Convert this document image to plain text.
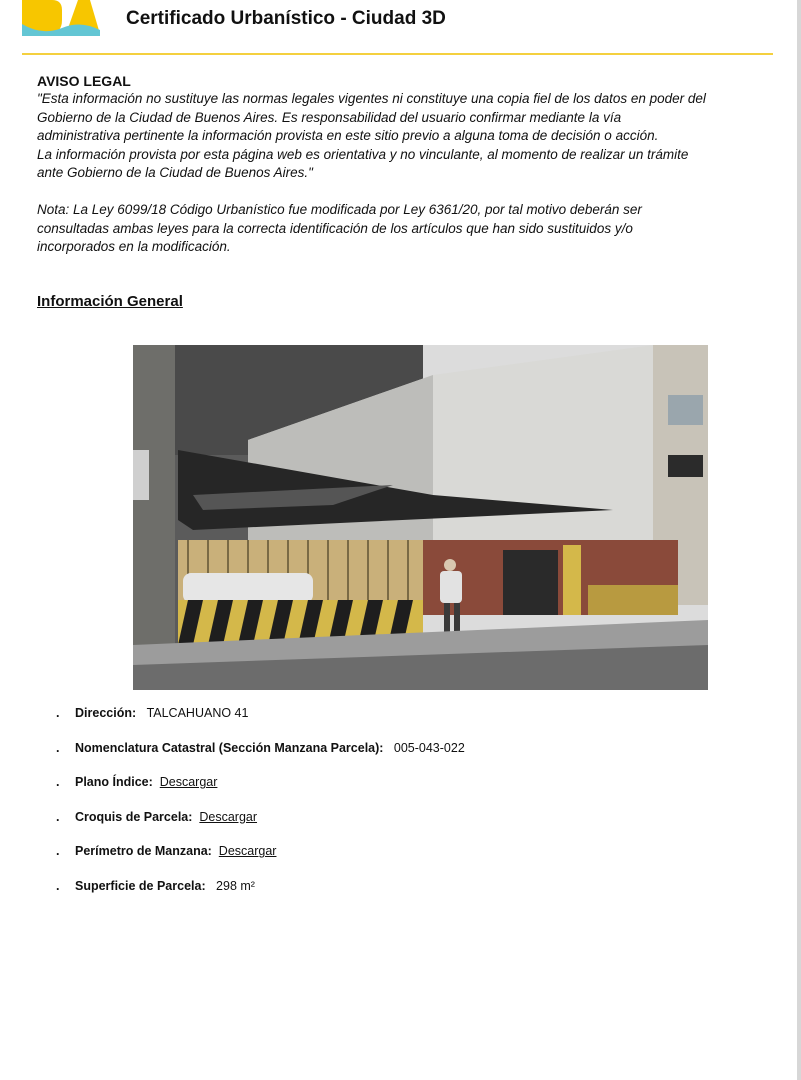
Certificado Urbanístico - Ciudad 3D
AVISO LEGAL
"Esta información no sustituye las normas legales vigentes ni constituye una copia fiel de los datos en poder del
Gobierno de la Ciudad de Buenos Aires. Es responsabilidad del usuario confirmar mediante la vía
administrativa pertinente la información provista en este sitio previo a alguna toma de decisión o acción.
La información provista por esta página web es orientativa y no vinculante, al momento de realizar un trámite
ante Gobierno de la Ciudad de Buenos Aires."
Nota: La Ley 6099/18 Código Urbanístico fue modificada por Ley 6361/20, por tal motivo deberán ser
consultadas ambas leyes para la correcta identificación de los artículos que han sido sustituidos y/o
incorporados en la modificación.
Información General
. Dirección: TALCAHUANO 41
. Nomenclatura Catastral (Sección Manzana Parcela): 005-043-022
. Plano Índice: Descargar
. Croquis de Parcela: Descargar
. Perímetro de Manzana: Descargar
. Superficie de Parcela: 298 m²
